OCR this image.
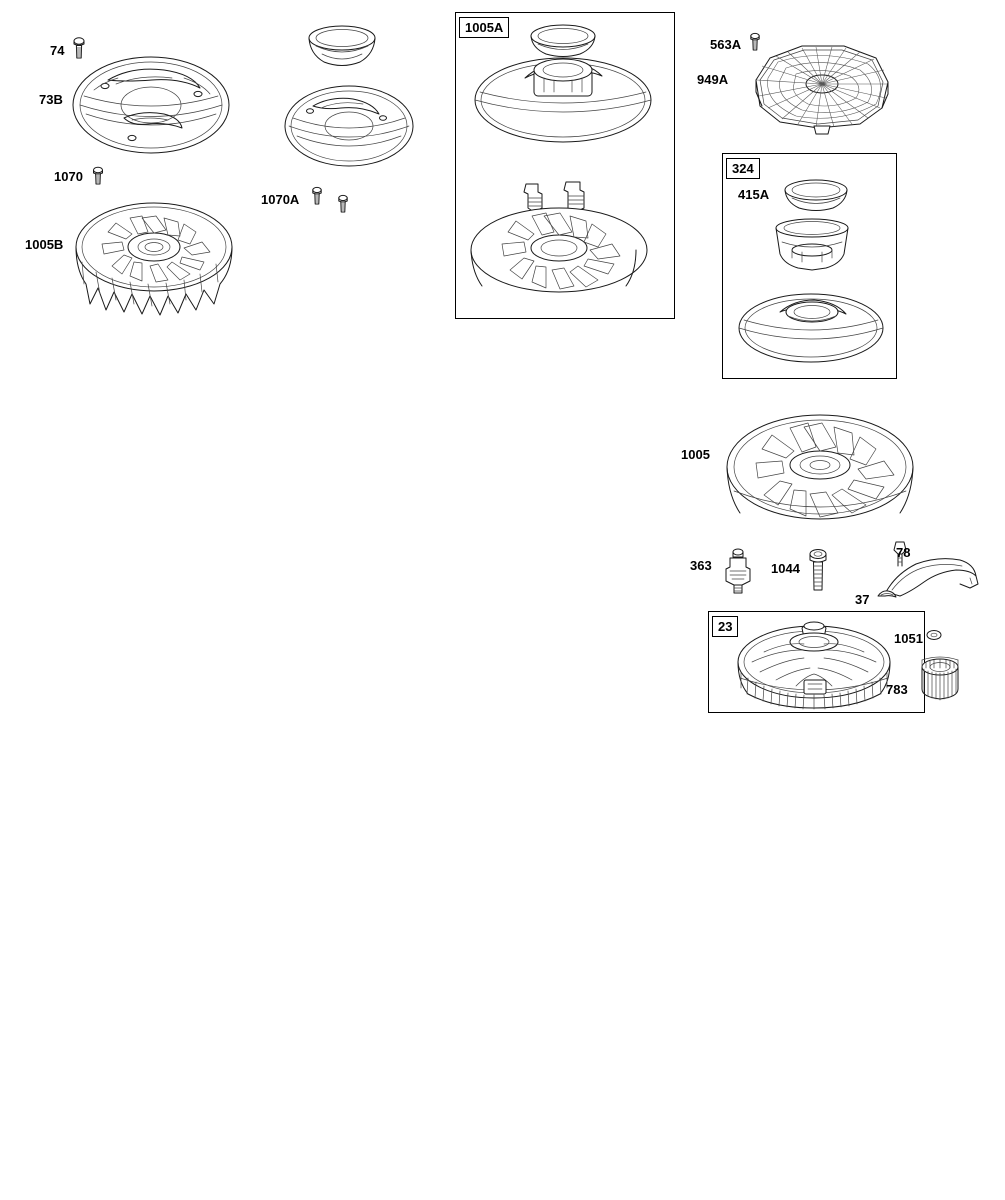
74
73B
1070
1005B
1070A
1005A
563A
949A
324
415A
1005
363	1044
78
37
23
1051
783
